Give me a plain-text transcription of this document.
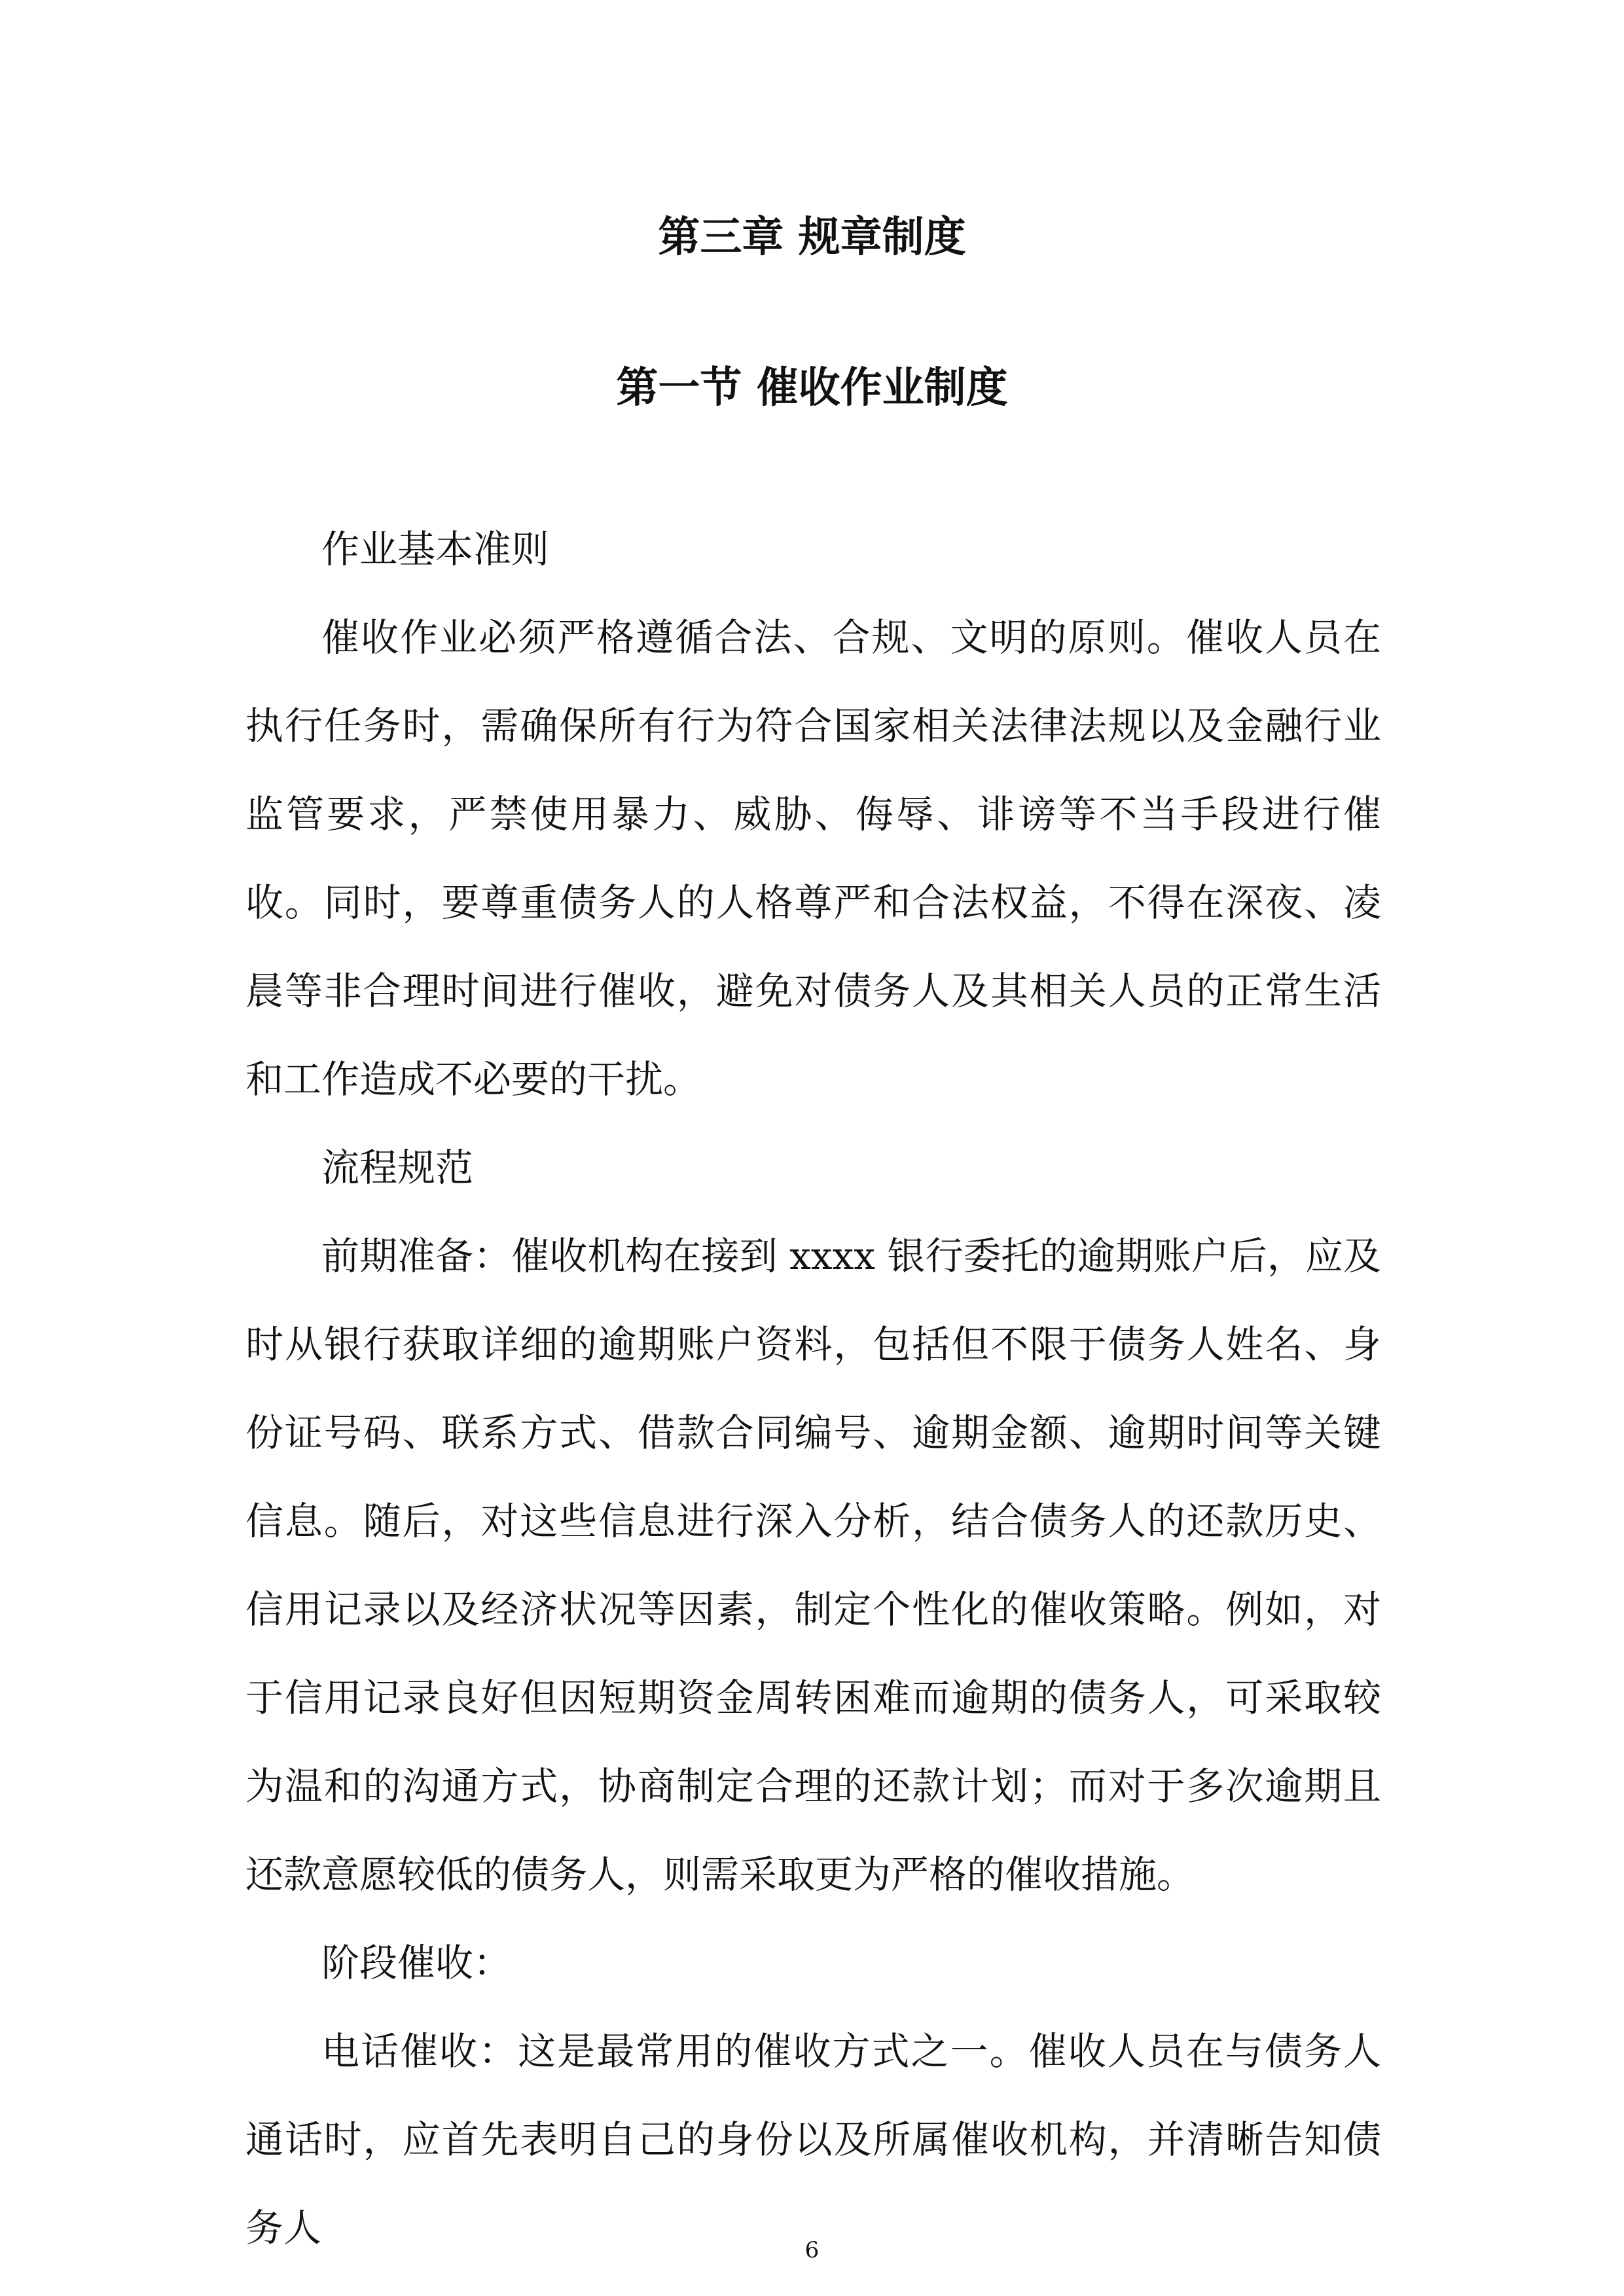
第三章 规章制度
第一节 催收作业制度

作业基本准则

催收作业必须严格遵循合法、合规、文明的原则。催收人员在执行任务时，需确保所有行为符合国家相关法律法规以及金融行业监管要求，严禁使用暴力、威胁、侮辱、诽谤等不当手段进行催收。同时，要尊重债务人的人格尊严和合法权益，不得在深夜、凌晨等非合理时间进行催收，避免对债务人及其相关人员的正常生活和工作造成不必要的干扰。

流程规范

前期准备：催收机构在接到 xxxx 银行委托的逾期账户后，应及时从银行获取详细的逾期账户资料，包括但不限于债务人姓名、身份证号码、联系方式、借款合同编号、逾期金额、逾期时间等关键信息。随后，对这些信息进行深入分析，结合债务人的还款历史、信用记录以及经济状况等因素，制定个性化的催收策略。例如，对于信用记录良好但因短期资金周转困难而逾期的债务人，可采取较为温和的沟通方式，协商制定合理的还款计划；而对于多次逾期且还款意愿较低的债务人，则需采取更为严格的催收措施。

阶段催收：

电话催收：这是最常用的催收方式之一。催收人员在与债务人通话时，应首先表明自己的身份以及所属催收机构，并清晰告知债务人	6
